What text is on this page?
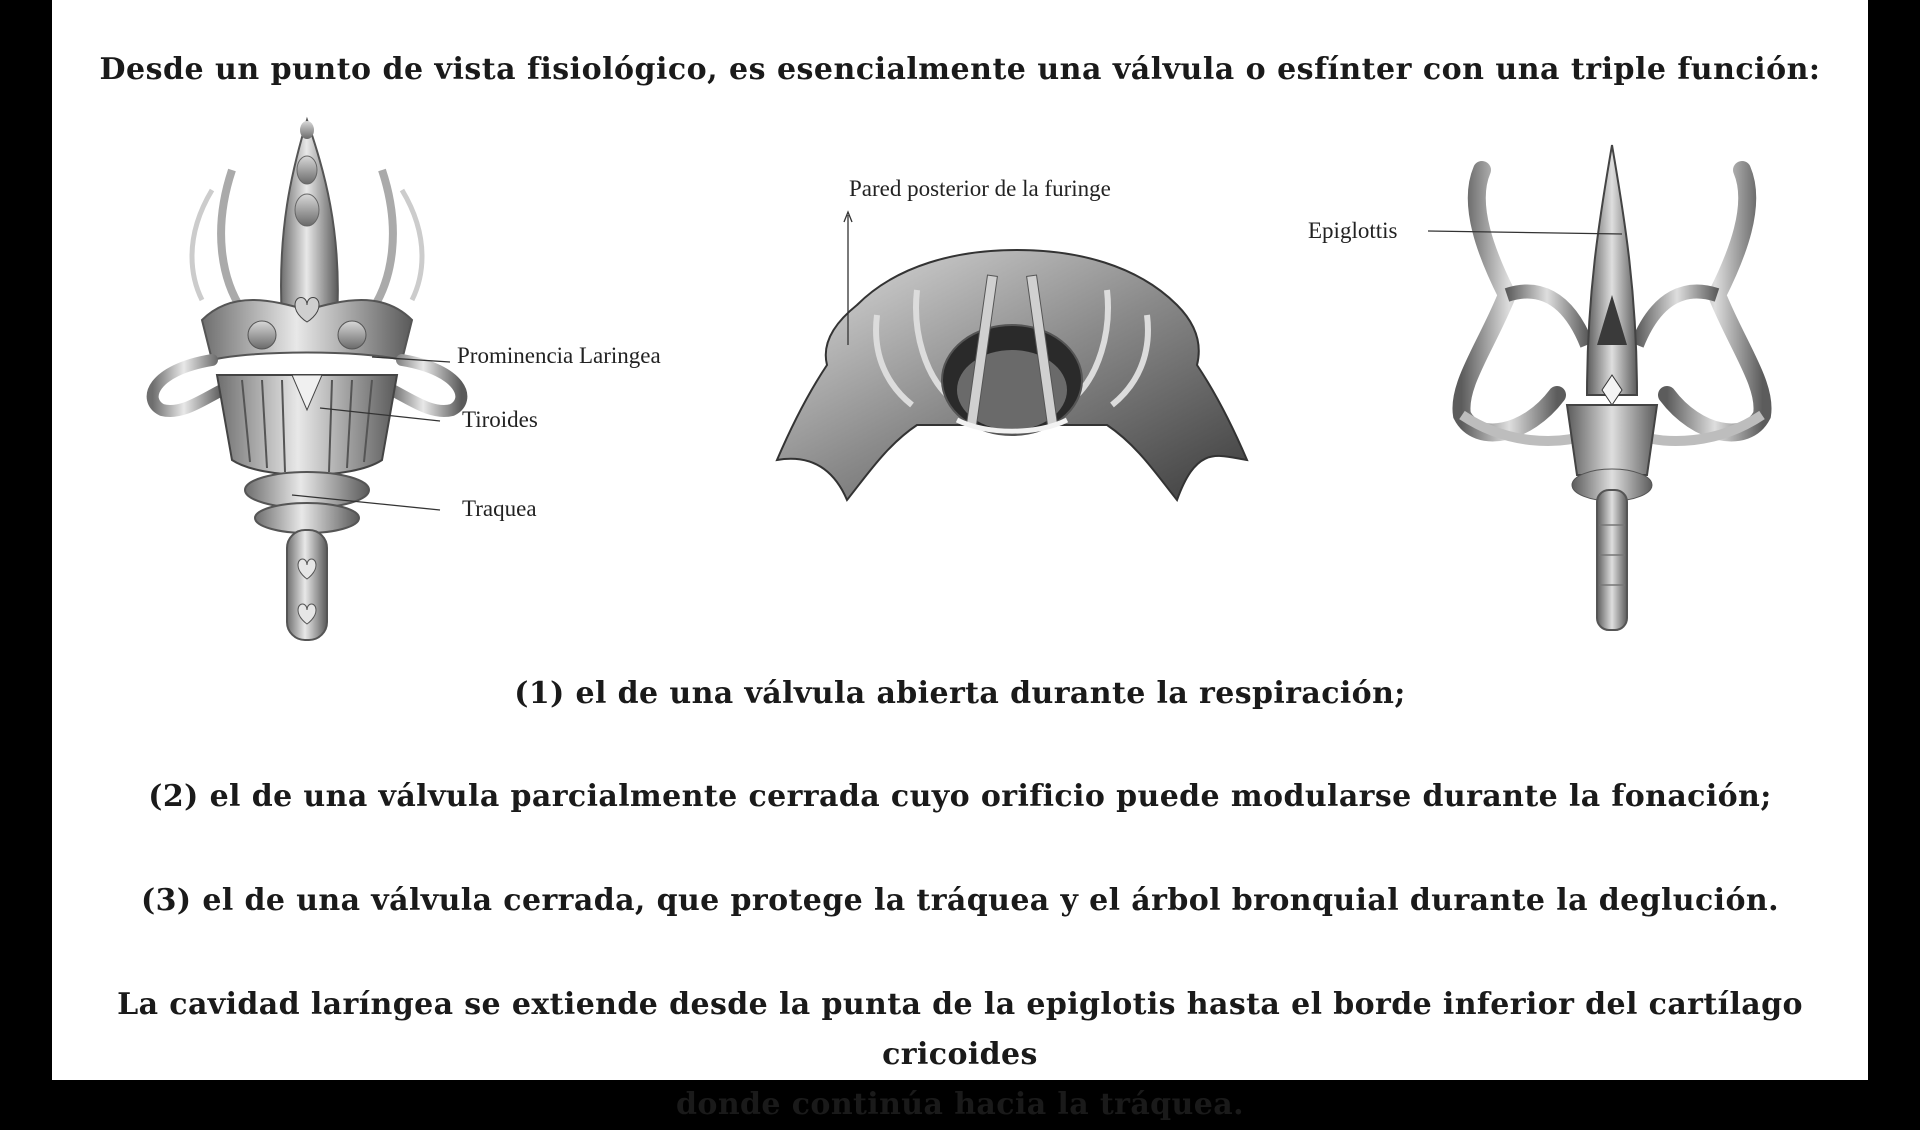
Desde un punto de vista fisiológico, es esencialmente una válvula o esfínter con una triple función:
Prominencia Laringea
Tiroides
Traquea
Pared posterior de la furinge
Epiglottis
(1) el de una válvula abierta durante la respiración;
(2) el de una válvula parcialmente cerrada cuyo orificio puede modularse durante la fonación;
(3) el de una válvula cerrada, que protege la tráquea y el árbol bronquial durante la deglución.
La cavidad laríngea se extiende desde la punta de la epiglotis hasta el borde inferior del cartílago cricoides
donde continúa hacia la tráquea.
